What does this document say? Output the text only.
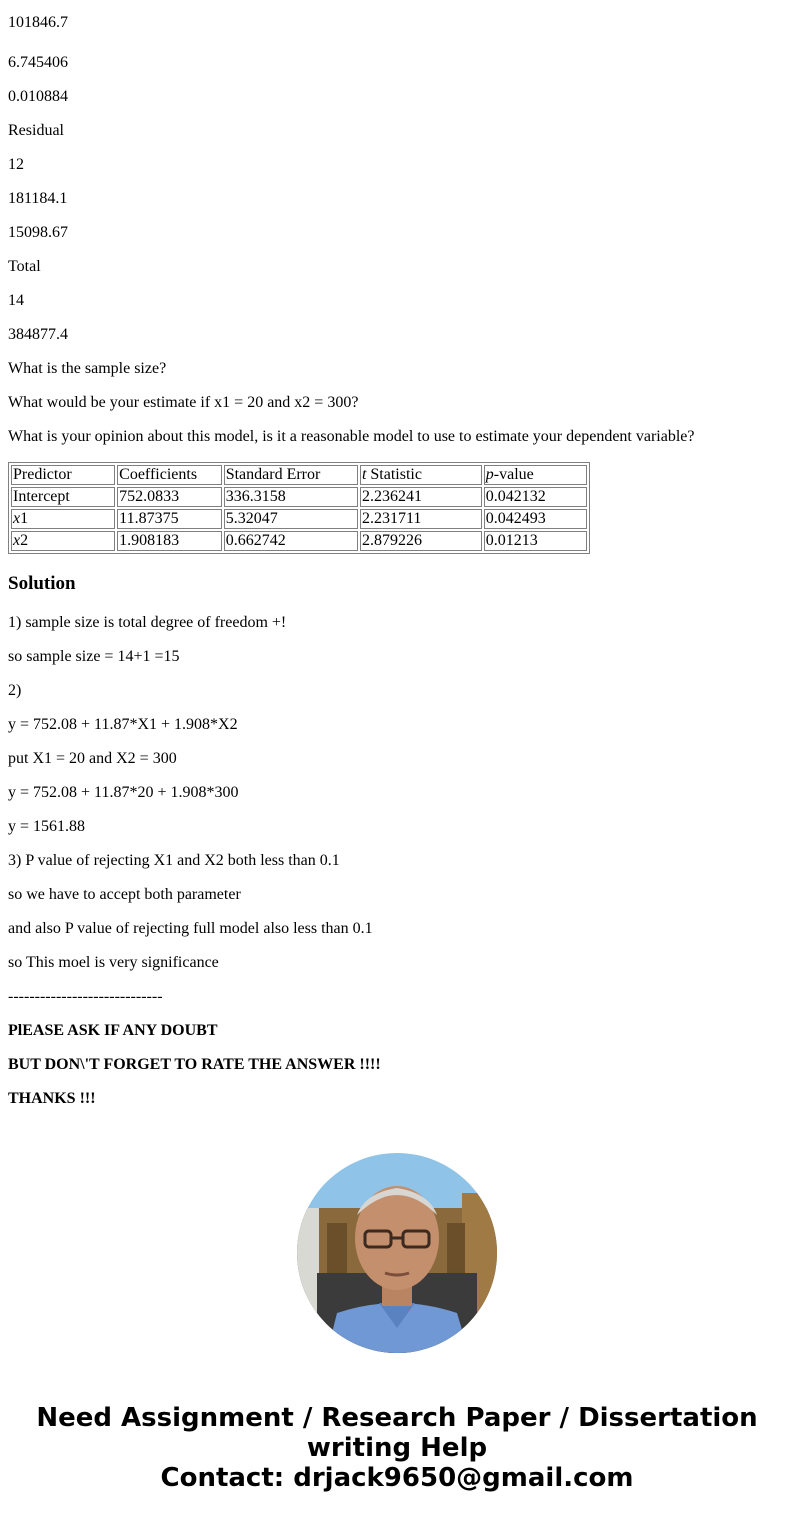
101846.7

6.745406

0.010884

Residual

12

181184.1

15098.67

Total

14

384877.4

What is the sample size?

What would be your estimate if x1 = 20 and x2 = 300?

What is your opinion about this model, is it a reasonable model to use to estimate your dependent variable?

Predictor	Coefficients	Standard Error	t Statistic	p-value
Intercept	752.0833	336.3158	2.236241	0.042132
x1	11.87375	5.32047	2.231711	0.042493
x2	1.908183	0.662742	2.879226	0.01213
Solution

1) sample size is total degree of freedom +!

so sample size = 14+1 =15

2)

y = 752.08 + 11.87*X1 + 1.908*X2

put X1 = 20 and X2 = 300

y = 752.08 + 11.87*20 + 1.908*300

y = 1561.88

3) P value of rejecting X1 and X2 both less than 0.1

so we have to accept both parameter

and also P value of rejecting full model also less than 0.1

so This moel is very significance

-----------------------------

PlEASE ASK IF ANY DOUBT

BUT DON\'T FORGET TO RATE THE ANSWER !!!!

THANKS !!!

Need Assignment / Research Paper / Dissertation
writing Help
Contact: drjack9650@gmail.com
